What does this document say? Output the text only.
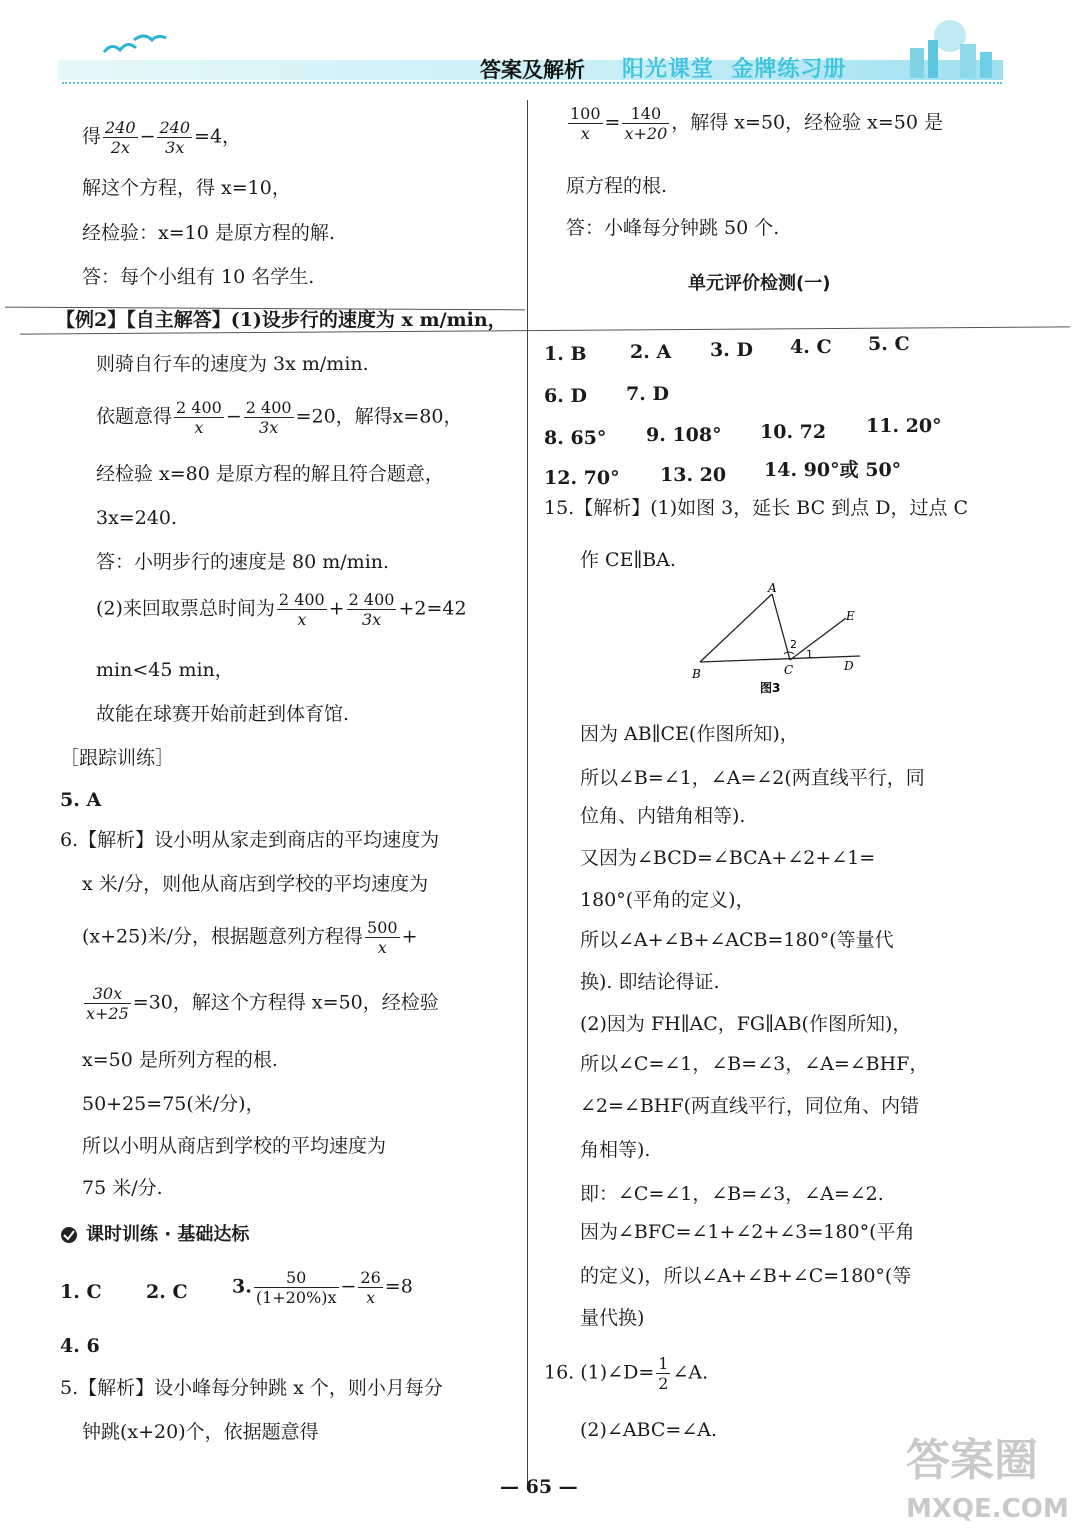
答案及解析 阳光课堂 金牌练习册
得 $\frac{240}{2x} - \frac{240}{3x} =4$，
解这个方程，得 x=10，
经检验：x=10 是原方程的解.
答：每个小组有 10 名学生.
【例2】【自主解答】(1)设步行的速度为 x m/min，
则骑自行车的速度为 3x m/min.
依题意得 $\frac{2 400}{x} - \frac{2 400}{3x} =20$，解得x=80，
经检验 x=80 是原方程的解且符合题意，
3x=240.
答：小明步行的速度是 80 m/min.
(2)来回取票总时间为 $\frac{2 400}{x} + \frac{2 400}{3x} +2=42$
min<45 min，
故能在球赛开始前赶到体育馆.
［跟踪训练］
5. A
6.【解析】设小明从家走到商店的平均速度为
x 米/分，则他从商店到学校的平均速度为
(x+25)米/分，根据题意列方程得 $\frac{500}{x}$ +
$\frac{30x}{x+25} =30$，解这个方程得 x=50，经检验
x=50 是所列方程的根.
50+25=75(米/分)，
所以小明从商店到学校的平均速度为
75 米/分.
课时训练 · 基础达标
1. C 2. C 3. $\frac{50}{(1+20\%)x} - \frac{26}{x} =8$
4. 6
5.【解析】设小峰每分钟跳 x 个，则小月每分
钟跳(x+20)个，依据题意得
$\frac{100}{x} = \frac{140}{x+20}$ ，解得 x=50，经检验 x=50 是
原方程的根.
答：小峰每分钟跳 50 个.
单元评价检测(一)
1. B 2. A 3. D 4. C 5. C
6. D 7. D
8. 65° 9. 108° 10. 72 11. 20°
12. 70° 13. 20 14. 90°或 50°
15.【解析】(1)如图 3，延长 BC 到点 D，过点 C
作 CE∥BA.
A
B	C	D
E
1
2
图3
因为 AB∥CE(作图所知)，
所以∠B=∠1，∠A=∠2(两直线平行，同
位角、内错角相等).
又因为∠BCD=∠BCA+∠2+∠1=
180°(平角的定义)，
所以∠A+∠B+∠ACB=180°(等量代
换). 即结论得证.
(2)因为 FH∥AC，FG∥AB(作图所知)，
所以∠C=∠1，∠B=∠3，∠A=∠BHF，
∠2=∠BHF(两直线平行，同位角、内错
角相等).
即：∠C=∠1，∠B=∠3，∠A=∠2.
因为∠BFC=∠1+∠2+∠3=180°(平角
的定义)，所以∠A+∠B+∠C=180°(等
量代换)
16. (1)∠D= $\frac{1}{2}$ ∠A.
(2)∠ABC=∠A.
— 65 —
答案圈
MXQE.COM
